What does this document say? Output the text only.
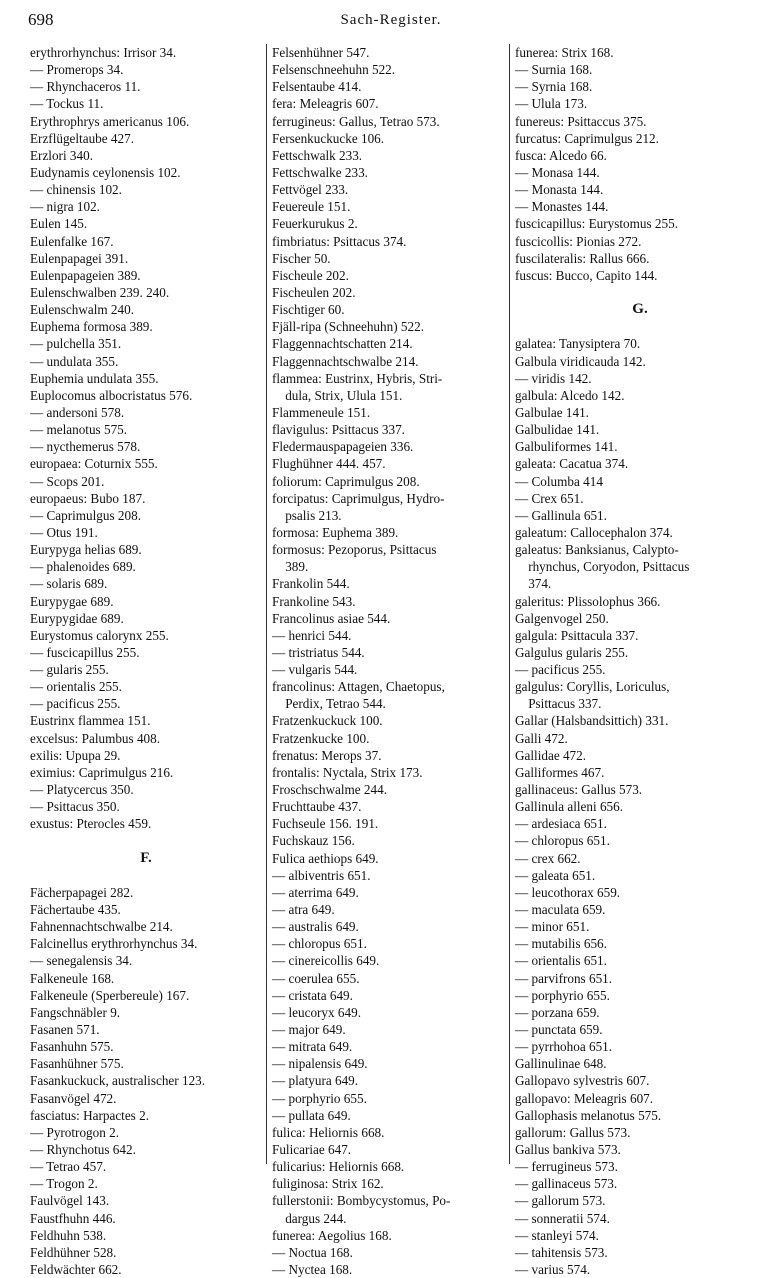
698	Sach-Register.
erythrorhynchus: Irrisor 34.
— Promerops 34.
— Rhynchaceros 11.
— Tockus 11.
Erythrophrys americanus 106.
Erzflügeltaube 427.
Erzlori 340.
Eudynamis ceylonensis 102.
— chinensis 102.
— nigra 102.
Eulen 145.
Eulenfalke 167.
Eulenpapagei 391.
Eulenpapageien 389.
Eulenschwalben 239. 240.
Eulenschwalm 240.
Euphema formosa 389.
— pulchella 351.
— undulata 355.
Euphemia undulata 355.
Euplocomus albocristatus 576.
— andersoni 578.
— melanotus 575.
— nycthemerus 578.
europaea: Coturnix 555.
— Scops 201.
europaeus: Bubo 187.
— Caprimulgus 208.
— Otus 191.
Eurypyga helias 689.
— phalenoides 689.
— solaris 689.
Eurypygae 689.
Eurypygidae 689.
Eurystomus calorynx 255.
— fuscicapillus 255.
— gularis 255.
— orientalis 255.
— pacificus 255.
Eustrinx flammea 151.
excelsus: Palumbus 408.
exilis: Upupa 29.
eximius: Caprimulgus 216.
— Platycercus 350.
— Psittacus 350.
exustus: Pterocles 459.
F.
Fächerpapagei 282.
Fächertaube 435.
Fahnennachtschwalbe 214.
Falcinellus erythrorhynchus 34.
— senegalensis 34.
Falkeneule 168.
Falkeneule (Sperbereule) 167.
Fangschnäbler 9.
Fasanen 571.
Fasanhuhn 575.
Fasanhühner 575.
Fasankuckuck, australischer 123.
Fasanvögel 472.
fasciatus: Harpactes 2.
— Pyrotrogon 2.
— Rhynchotus 642.
— Tetrao 457.
— Trogon 2.
Faulvögel 143.
Faustfhuhn 446.
Feldhuhn 538.
Feldhühner 528.
Feldwächter 662.
Felsenhühner 547.
Felsenschneehuhn 522.
Felsentaube 414.
fera: Meleagris 607.
ferrugineus: Gallus, Tetrao 573.
Fersenkuckucke 106.
Fettschwalk 233.
Fettschwalke 233.
Fettvögel 233.
Feuereule 151.
Feuerkurukus 2.
fimbriatus: Psittacus 374.
Fischer 50.
Fischeule 202.
Fischeulen 202.
Fischtiger 60.
Fjäll-ripa (Schneehuhn) 522.
Flaggennachtschatten 214.
Flaggennachtschwalbe 214.
flammea: Eustrinx, Hybris, Stri-
dula, Strix, Ulula 151.
Flammeneule 151.
flavigulus: Psittacus 337.
Fledermauspapageien 336.
Flughühner 444. 457.
foliorum: Caprimulgus 208.
forcipatus: Caprimulgus, Hydro-
psalis 213.
formosa: Euphema 389.
formosus: Pezoporus, Psittacus
389.
Frankolin 544.
Frankoline 543.
Francolinus asiae 544.
— henrici 544.
— tristriatus 544.
— vulgaris 544.
francolinus: Attagen, Chaetopus,
Perdix, Tetrao 544.
Fratzenkuckuck 100.
Fratzenkucke 100.
frenatus: Merops 37.
frontalis: Nyctala, Strix 173.
Froschschwalme 244.
Fruchttaube 437.
Fuchseule 156. 191.
Fuchskauz 156.
Fulica aethiops 649.
— albiventris 651.
— aterrima 649.
— atra 649.
— australis 649.
— chloropus 651.
— cinereicollis 649.
— coerulea 655.
— cristata 649.
— leucoryx 649.
— major 649.
— mitrata 649.
— nipalensis 649.
— platyura 649.
— porphyrio 655.
— pullata 649.
fulica: Heliornis 668.
Fulicariae 647.
fulicarius: Heliornis 668.
fuliginosa: Strix 162.
fullerstonii: Bombycystomus, Po-
dargus 244.
funerea: Aegolius 168.
— Noctua 168.
— Nyctea 168.
funerea: Strix 168.
— Surnia 168.
— Syrnia 168.
— Ulula 173.
funereus: Psittaccus 375.
furcatus: Caprimulgus 212.
fusca: Alcedo 66.
— Monasa 144.
— Monasta 144.
— Monastes 144.
fuscicapillus: Eurystomus 255.
fuscicollis: Pionias 272.
fuscilateralis: Rallus 666.
fuscus: Bucco, Capito 144.
G.
galatea: Tanysiptera 70.
Galbula viridicauda 142.
— viridis 142.
galbula: Alcedo 142.
Galbulae 141.
Galbulidae 141.
Galbuliformes 141.
galeata: Cacatua 374.
— Columba 414
— Crex 651.
— Gallinula 651.
galeatum: Callocephalon 374.
galeatus: Banksianus, Calypto-
rhynchus, Coryodon, Psittacus
374.
galeritus: Plissolophus 366.
Galgenvogel 250.
galgula: Psittacula 337.
Galgulus gularis 255.
— pacificus 255.
galgulus: Coryllis, Loriculus,
Psittacus 337.
Gallar (Halsbandsittich) 331.
Galli 472.
Gallidae 472.
Galliformes 467.
gallinaceus: Gallus 573.
Gallinula alleni 656.
— ardesiaca 651.
— chloropus 651.
— crex 662.
— galeata 651.
— leucothorax 659.
— maculata 659.
— minor 651.
— mutabilis 656.
— orientalis 651.
— parvifrons 651.
— porphyrio 655.
— porzana 659.
— punctata 659.
— pyrrhohoa 651.
Gallinulinae 648.
Gallopavo sylvestris 607.
gallopavo: Meleagris 607.
Gallophasis melanotus 575.
gallorum: Gallus 573.
Gallus bankiva 573.
— ferrugineus 573.
— gallinaceus 573.
— gallorum 573.
— sonneratii 574.
— stanleyi 574.
— tahitensis 573.
— varius 574.
